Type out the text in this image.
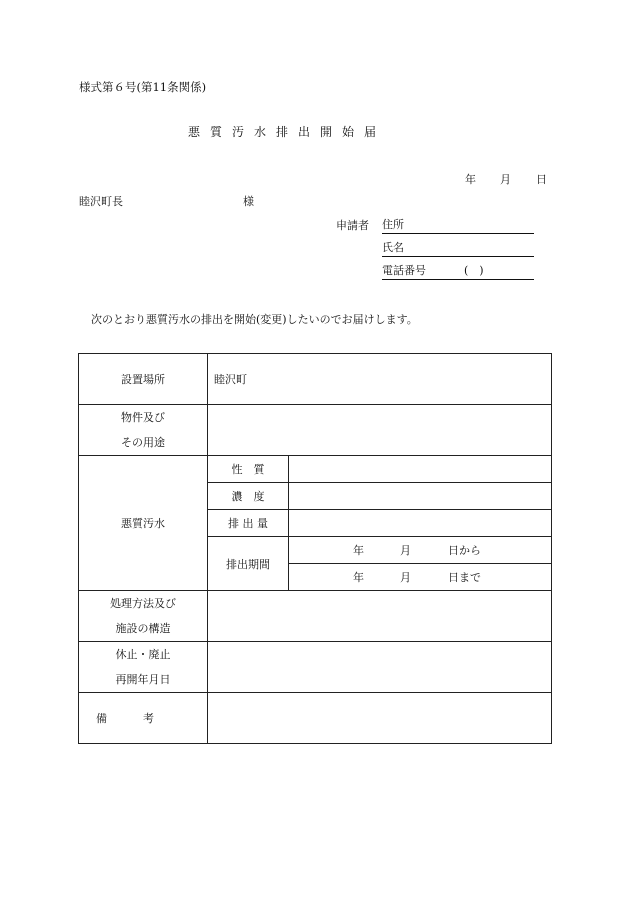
様式第６号(第11条関係)
悪質汚水排出開始届
年 月 日
睦沢町長	様
申請者 住所
氏名
電話番号	(　)
次のとおり悪質汚水の排出を開始(変更)したいのでお届けします。
設置場所	睦沢町	

物件及び
その用途		

悪質汚水	性　質	
	濃　度	
	排 出 量	
	排出期間	年 月 日から

		年 月 日まで

処理方法及び
施設の構造		

休止・廃止
再開年月日		

備考		
